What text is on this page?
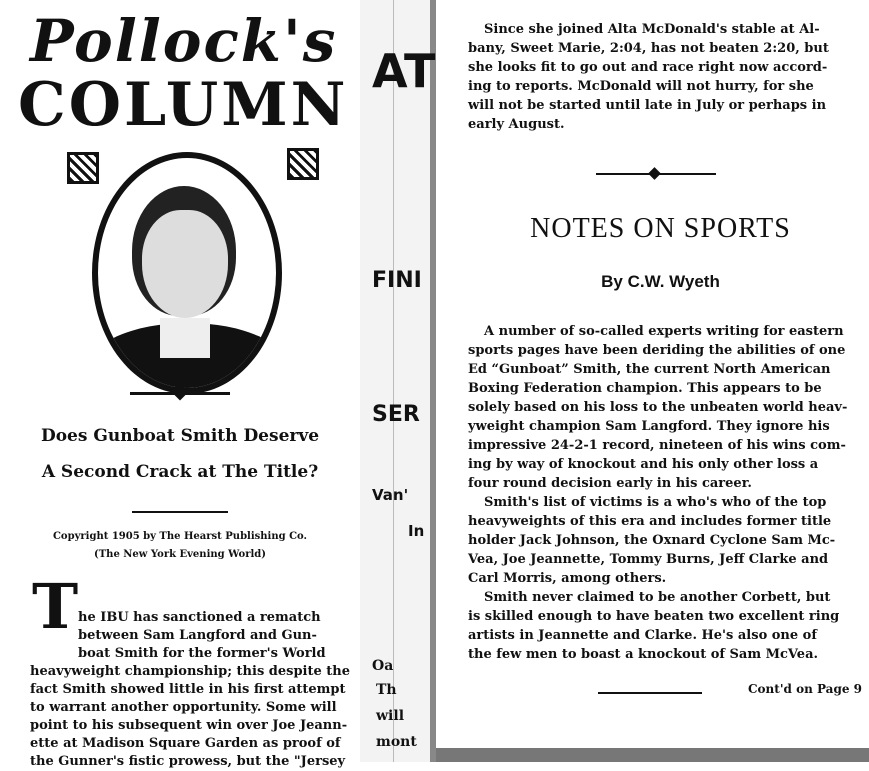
AT
FINI
SER
Van'
In
Oa
Th
will
mont
Pollock's
COLUMN
Does Gunboat Smith Deserve
A Second Crack at The Title?
Copyright 1905 by The Hearst Publishing Co.
(The New York Evening World)
T he IBU has sanctioned a rematch
between Sam Langford and Gun-
boat Smith for the former's World
heavyweight championship; this despite the
fact Smith showed little in his first attempt
to warrant another opportunity. Some will
point to his subsequent win over Joe Jeann-
ette at Madison Square Garden as proof of
the Gunner's fistic prowess, but the "Jersey
Since she joined Alta McDonald's stable at Al-
bany, Sweet Marie, 2:04, has not beaten 2:20, but
she looks fit to go out and race right now accord-
ing to reports. McDonald will not hurry, for she
will not be started until late in July or perhaps in
early August.
NOTES ON SPORTS
By C.W. Wyeth
A number of so-called experts writing for eastern
sports pages have been deriding the abilities of one
Ed “Gunboat” Smith, the current North American
Boxing Federation champion. This appears to be
solely based on his loss to the unbeaten world heav-
yweight champion Sam Langford. They ignore his
impressive 24-2-1 record, nineteen of his wins com-
ing by way of knockout and his only other loss a
four round decision early in his career.
Smith's list of victims is a who's who of the top
heavyweights of this era and includes former title
holder Jack Johnson, the Oxnard Cyclone Sam Mc-
Vea, Joe Jeannette, Tommy Burns, Jeff Clarke and
Carl Morris, among others.
Smith never claimed to be another Corbett, but
is skilled enough to have beaten two excellent ring
artists in Jeannette and Clarke. He's also one of
the few men to boast a knockout of Sam McVea.
Cont'd on Page 9
